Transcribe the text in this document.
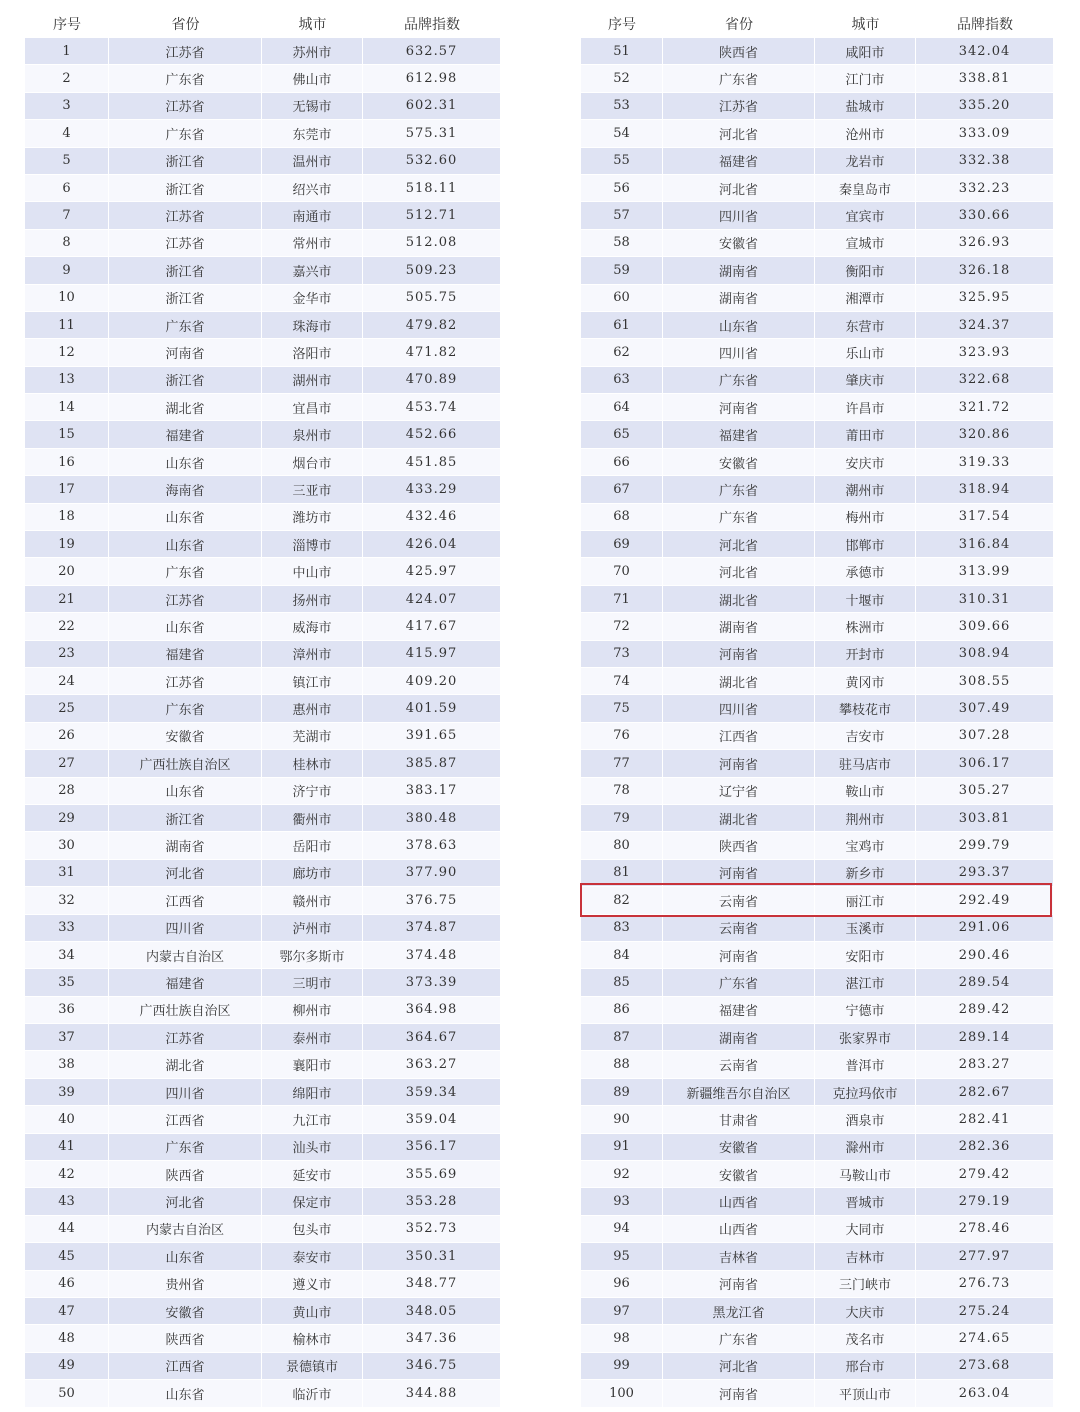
序号	省份	城市	品牌指数
1	江苏省	苏州市	632.57
2	广东省	佛山市	612.98
3	江苏省	无锡市	602.31
4	广东省	东莞市	575.31
5	浙江省	温州市	532.60
6	浙江省	绍兴市	518.11
7	江苏省	南通市	512.71
8	江苏省	常州市	512.08
9	浙江省	嘉兴市	509.23
10	浙江省	金华市	505.75
11	广东省	珠海市	479.82
12	河南省	洛阳市	471.82
13	浙江省	湖州市	470.89
14	湖北省	宜昌市	453.74
15	福建省	泉州市	452.66
16	山东省	烟台市	451.85
17	海南省	三亚市	433.29
18	山东省	潍坊市	432.46
19	山东省	淄博市	426.04
20	广东省	中山市	425.97
21	江苏省	扬州市	424.07
22	山东省	威海市	417.67
23	福建省	漳州市	415.97
24	江苏省	镇江市	409.20
25	广东省	惠州市	401.59
26	安徽省	芜湖市	391.65
27	广西壮族自治区	桂林市	385.87
28	山东省	济宁市	383.17
29	浙江省	衢州市	380.48
30	湖南省	岳阳市	378.63
31	河北省	廊坊市	377.90
32	江西省	赣州市	376.75
33	四川省	泸州市	374.87
34	内蒙古自治区	鄂尔多斯市	374.48
35	福建省	三明市	373.39
36	广西壮族自治区	柳州市	364.98
37	江苏省	泰州市	364.67
38	湖北省	襄阳市	363.27
39	四川省	绵阳市	359.34
40	江西省	九江市	359.04
41	广东省	汕头市	356.17
42	陕西省	延安市	355.69
43	河北省	保定市	353.28
44	内蒙古自治区	包头市	352.73
45	山东省	泰安市	350.31
46	贵州省	遵义市	348.77
47	安徽省	黄山市	348.05
48	陕西省	榆林市	347.36
49	江西省	景德镇市	346.75
50	山东省	临沂市	344.88
序号	省份	城市	品牌指数
51	陕西省	咸阳市	342.04
52	广东省	江门市	338.81
53	江苏省	盐城市	335.20
54	河北省	沧州市	333.09
55	福建省	龙岩市	332.38
56	河北省	秦皇岛市	332.23
57	四川省	宜宾市	330.66
58	安徽省	宣城市	326.93
59	湖南省	衡阳市	326.18
60	湖南省	湘潭市	325.95
61	山东省	东营市	324.37
62	四川省	乐山市	323.93
63	广东省	肇庆市	322.68
64	河南省	许昌市	321.72
65	福建省	莆田市	320.86
66	安徽省	安庆市	319.33
67	广东省	潮州市	318.94
68	广东省	梅州市	317.54
69	河北省	邯郸市	316.84
70	河北省	承德市	313.99
71	湖北省	十堰市	310.31
72	湖南省	株洲市	309.66
73	河南省	开封市	308.94
74	湖北省	黄冈市	308.55
75	四川省	攀枝花市	307.49
76	江西省	吉安市	307.28
77	河南省	驻马店市	306.17
78	辽宁省	鞍山市	305.27
79	湖北省	荆州市	303.81
80	陕西省	宝鸡市	299.79
81	河南省	新乡市	293.37
82	云南省	丽江市	292.49
83	云南省	玉溪市	291.06
84	河南省	安阳市	290.46
85	广东省	湛江市	289.54
86	福建省	宁德市	289.42
87	湖南省	张家界市	289.14
88	云南省	普洱市	283.27
89	新疆维吾尔自治区	克拉玛依市	282.67
90	甘肃省	酒泉市	282.41
91	安徽省	滁州市	282.36
92	安徽省	马鞍山市	279.42
93	山西省	晋城市	279.19
94	山西省	大同市	278.46
95	吉林省	吉林市	277.97
96	河南省	三门峡市	276.73
97	黑龙江省	大庆市	275.24
98	广东省	茂名市	274.65
99	河北省	邢台市	273.68
100	河南省	平顶山市	263.04
